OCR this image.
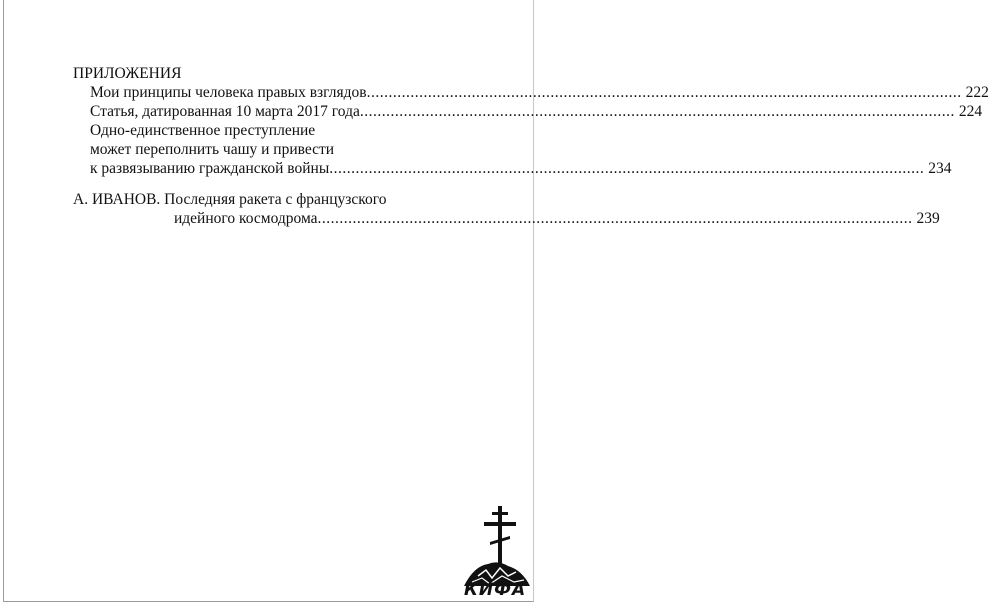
ПРИЛОЖЕНИЯ
Мои принципы человека правых взглядов ........................................................................................................................................ 222
Статья, датированная 10 марта 2017 года ........................................................................................................................................ 224
Одно-единственное преступление
может переполнить чашу и привести
к развязыванию гражданской войны ........................................................................................................................................ 234
А. ИВАНОВ. Последняя ракета с французского
идейного космодрома ........................................................................................................................................ 239
КИФА
